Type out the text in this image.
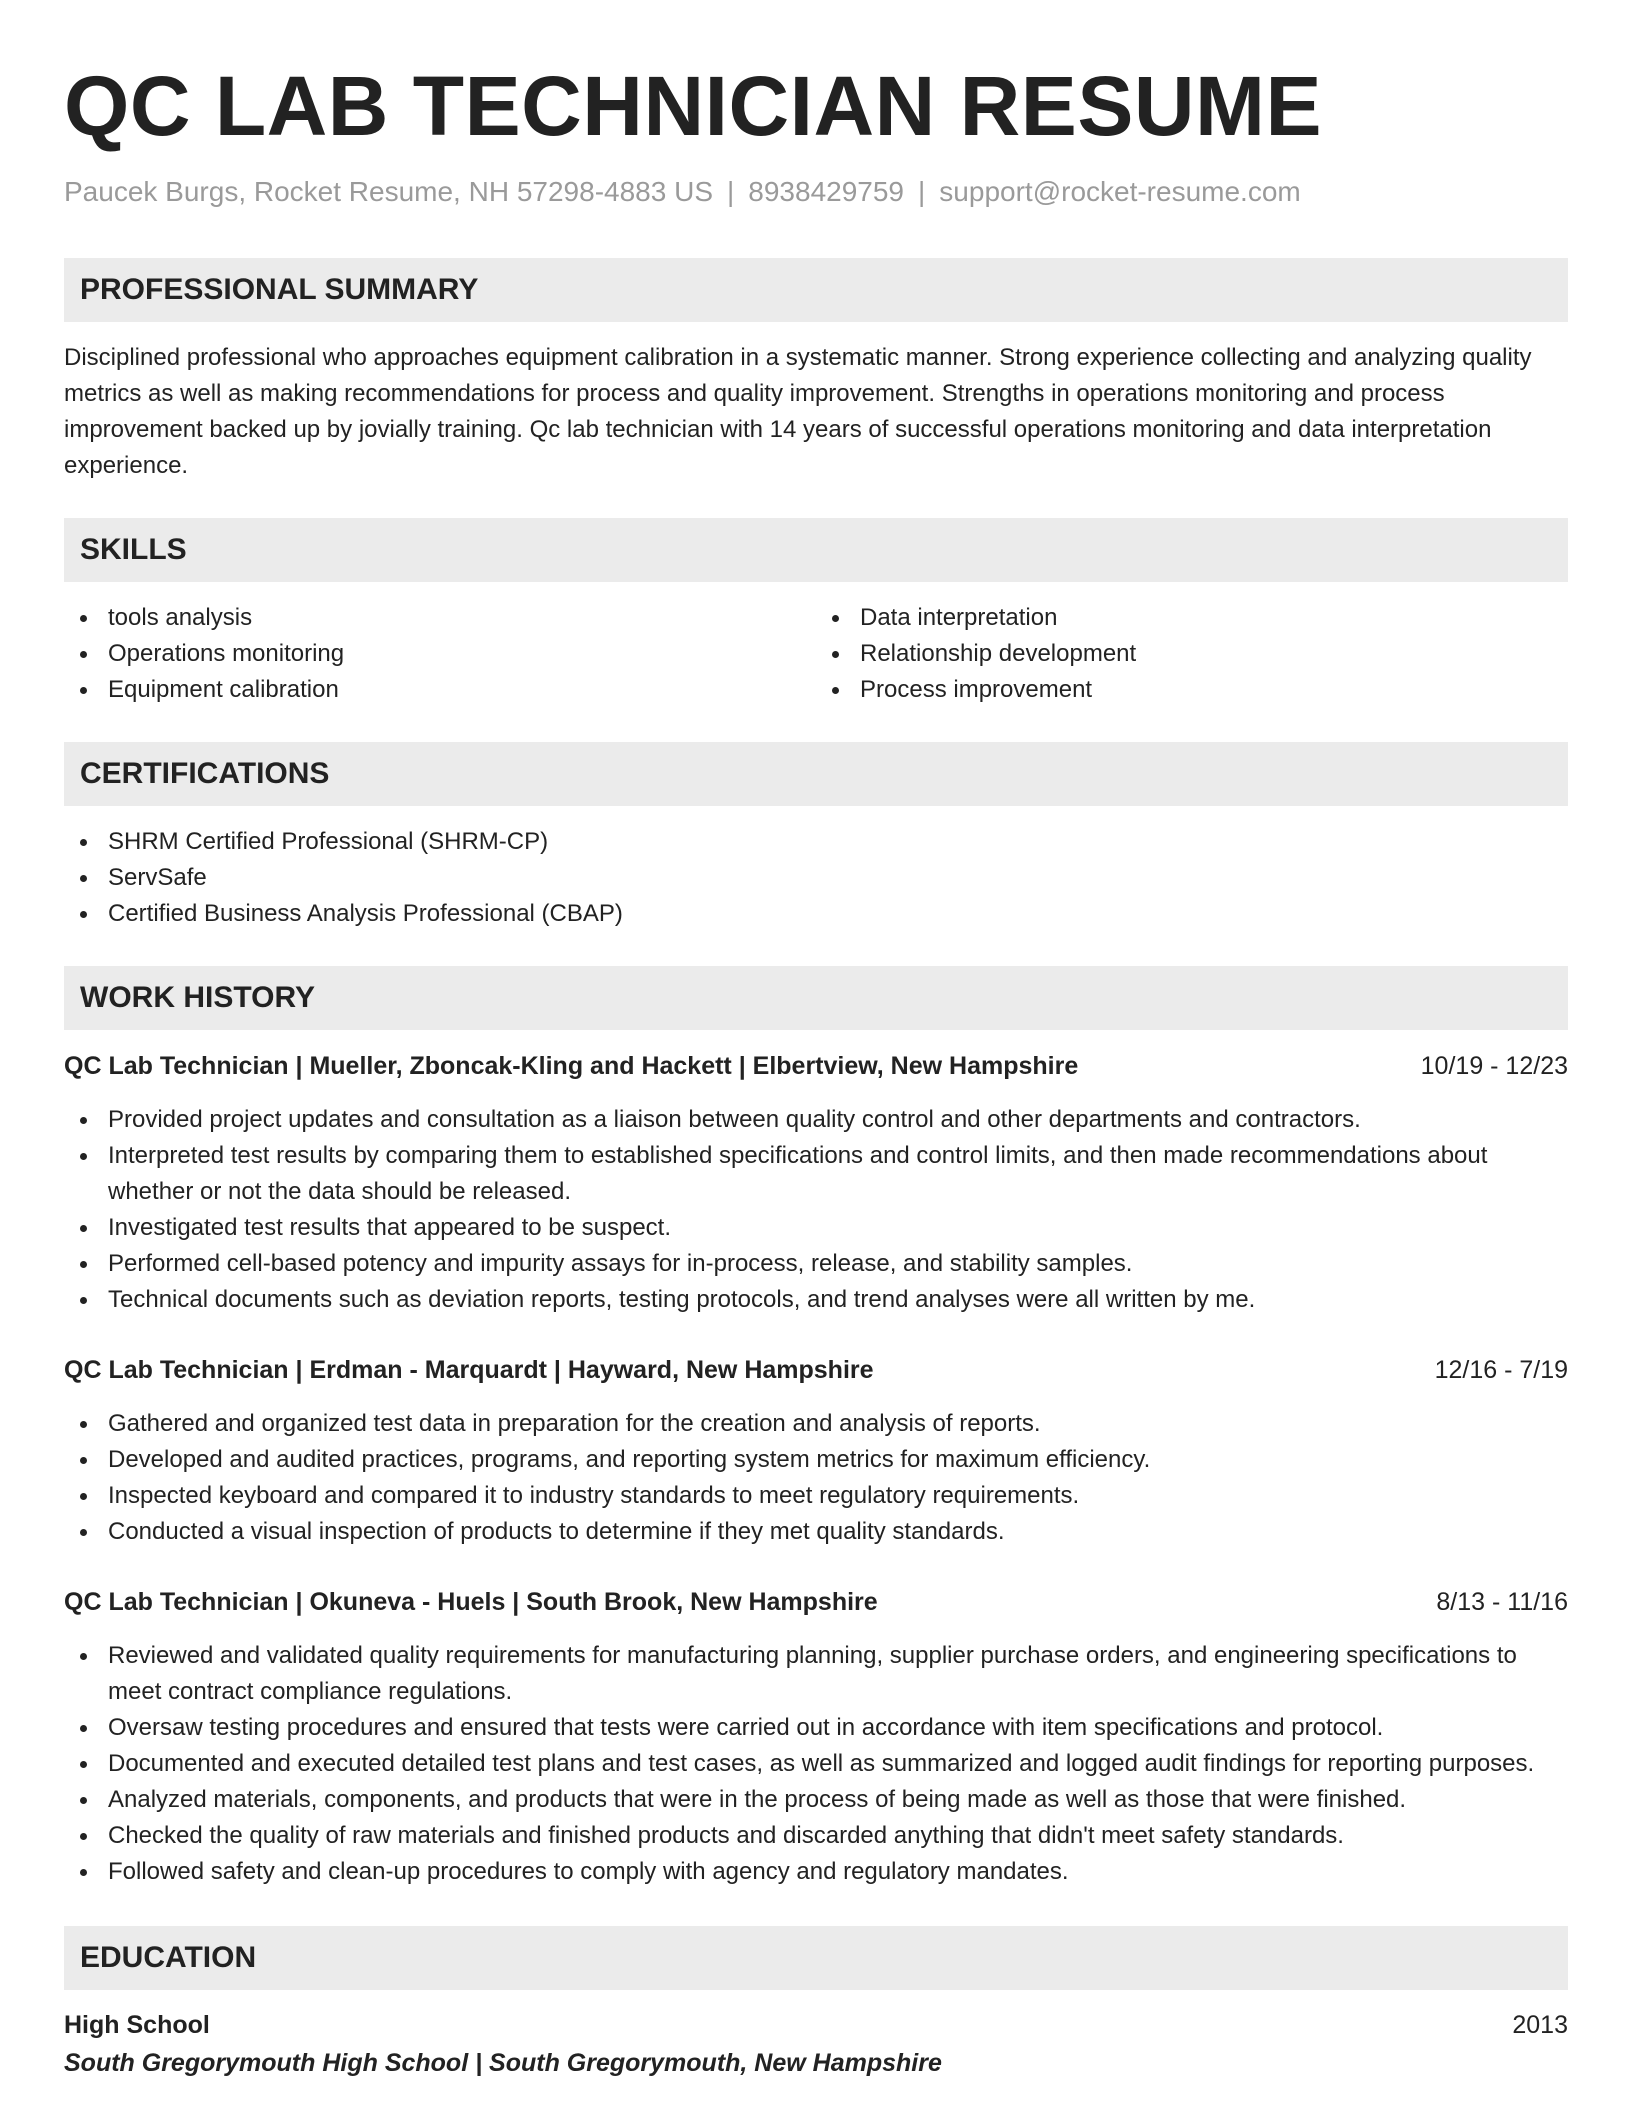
QC LAB TECHNICIAN RESUME
Paucek Burgs, Rocket Resume, NH 57298-4883 US | 8938429759 | support@rocket-resume.com
PROFESSIONAL SUMMARY

Disciplined professional who approaches equipment calibration in a systematic manner. Strong experience collecting and analyzing quality metrics as well as making recommendations for process and quality improvement. Strengths in operations monitoring and process improvement backed up by jovially training. Qc lab technician with 14 years of successful operations monitoring and data interpretation experience.

SKILLS
tools analysis
Operations monitoring
Equipment calibration
Data interpretation
Relationship development
Process improvement
CERTIFICATIONS
SHRM Certified Professional (SHRM-CP)
ServSafe
Certified Business Analysis Professional (CBAP)
WORK HISTORY
QC Lab Technician | Mueller, Zboncak-Kling and Hackett | Elbertview, New Hampshire	10/19 - 12/23
Provided project updates and consultation as a liaison between quality control and other departments and contractors.
Interpreted test results by comparing them to established specifications and control limits, and then made recommendations about whether or not the data should be released.
Investigated test results that appeared to be suspect.
Performed cell-based potency and impurity assays for in-process, release, and stability samples.
Technical documents such as deviation reports, testing protocols, and trend analyses were all written by me.
QC Lab Technician | Erdman - Marquardt | Hayward, New Hampshire	12/16 - 7/19
Gathered and organized test data in preparation for the creation and analysis of reports.
Developed and audited practices, programs, and reporting system metrics for maximum efficiency.
Inspected keyboard and compared it to industry standards to meet regulatory requirements.
Conducted a visual inspection of products to determine if they met quality standards.
QC Lab Technician | Okuneva - Huels | South Brook, New Hampshire	8/13 - 11/16
Reviewed and validated quality requirements for manufacturing planning, supplier purchase orders, and engineering specifications to meet contract compliance regulations.
Oversaw testing procedures and ensured that tests were carried out in accordance with item specifications and protocol.
Documented and executed detailed test plans and test cases, as well as summarized and logged audit findings for reporting purposes.
Analyzed materials, components, and products that were in the process of being made as well as those that were finished.
Checked the quality of raw materials and finished products and discarded anything that didn't meet safety standards.
Followed safety and clean-up procedures to comply with agency and regulatory mandates.
EDUCATION
High School	2013
South Gregorymouth High School | South Gregorymouth, New Hampshire
